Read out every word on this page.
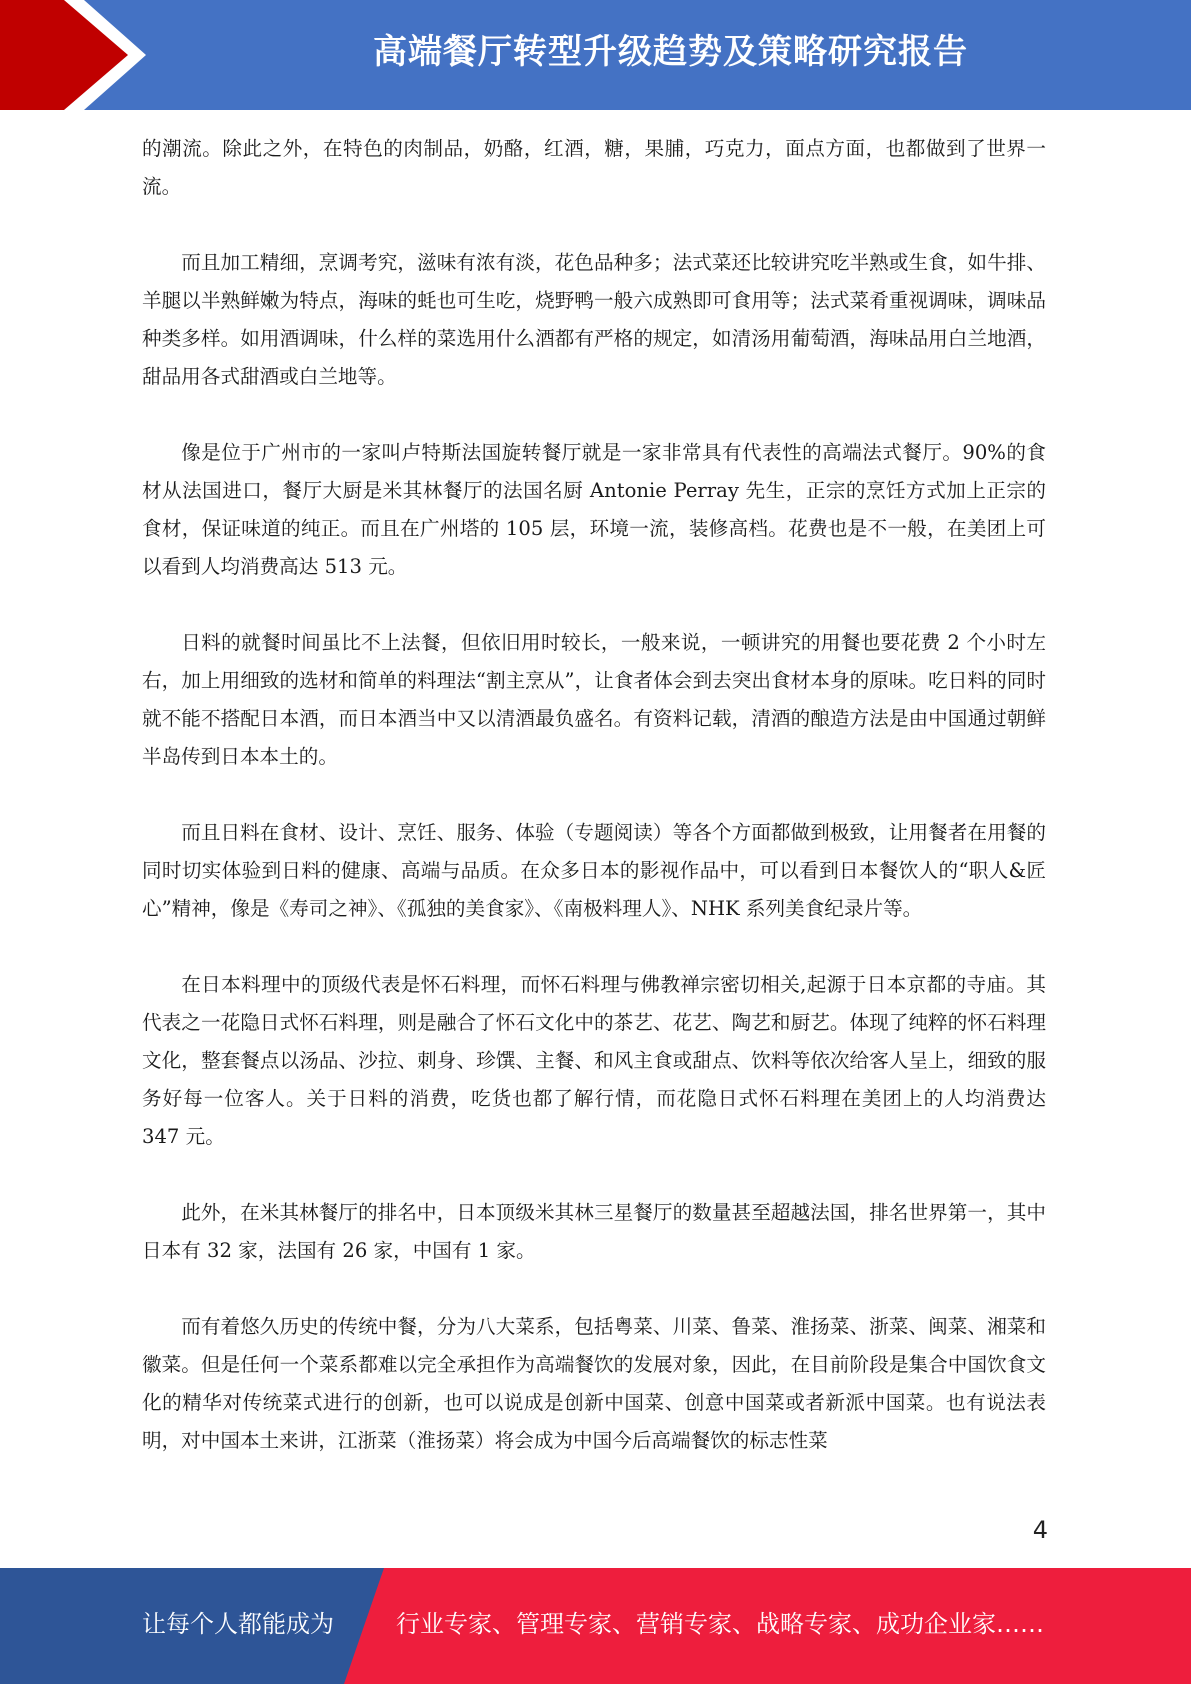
高端餐厅转型升级趋势及策略研究报告

的潮流。除此之外，在特色的肉制品，奶酪，红酒，糖，果脯，巧克力，面点方面，也都做到了世界一流。

而且加工精细，烹调考究，滋味有浓有淡，花色品种多；法式菜还比较讲究吃半熟或生食，如牛排、羊腿以半熟鲜嫩为特点，海味的蚝也可生吃，烧野鸭一般六成熟即可食用等；法式菜肴重视调味，调味品种类多样。如用酒调味，什么样的菜选用什么酒都有严格的规定，如清汤用葡萄酒，海味品用白兰地酒，甜品用各式甜酒或白兰地等。

像是位于广州市的一家叫卢特斯法国旋转餐厅就是一家非常具有代表性的高端法式餐厅。90%的食材从法国进口，餐厅大厨是米其林餐厅的法国名厨 Antonie Perray 先生，正宗的烹饪方式加上正宗的食材，保证味道的纯正。而且在广州塔的 105 层，环境一流，装修高档。花费也是不一般，在美团上可以看到人均消费高达 513 元。

日料的就餐时间虽比不上法餐，但依旧用时较长，一般来说，一顿讲究的用餐也要花费 2 个小时左右，加上用细致的选材和简单的料理法“割主烹从”，让食者体会到去突出食材本身的原味。吃日料的同时就不能不搭配日本酒，而日本酒当中又以清酒最负盛名。有资料记载，清酒的酿造方法是由中国通过朝鲜半岛传到日本本土的。

而且日料在食材、设计、烹饪、服务、体验（专题阅读）等各个方面都做到极致，让用餐者在用餐的同时切实体验到日料的健康、高端与品质。在众多日本的影视作品中，可以看到日本餐饮人的“职人&匠心”精神，像是《寿司之神》、《孤独的美食家》、《南极料理人》、NHK 系列美食纪录片等。

在日本料理中的顶级代表是怀石料理，而怀石料理与佛教禅宗密切相关,起源于日本京都的寺庙。其代表之一花隐日式怀石料理，则是融合了怀石文化中的茶艺、花艺、陶艺和厨艺。体现了纯粹的怀石料理文化，整套餐点以汤品、沙拉、刺身、珍馔、主餐、和风主食或甜点、饮料等依次给客人呈上，细致的服务好每一位客人。关于日料的消费，吃货也都了解行情，而花隐日式怀石料理在美团上的人均消费达 347 元。

此外，在米其林餐厅的排名中，日本顶级米其林三星餐厅的数量甚至超越法国，排名世界第一，其中日本有 32 家，法国有 26 家，中国有 1 家。

而有着悠久历史的传统中餐，分为八大菜系，包括粤菜、川菜、鲁菜、淮扬菜、浙菜、闽菜、湘菜和徽菜。但是任何一个菜系都难以完全承担作为高端餐饮的发展对象，因此，在目前阶段是集合中国饮食文化的精华对传统菜式进行的创新，也可以说成是创新中国菜、创意中国菜或者新派中国菜。也有说法表明，对中国本土来讲，江浙菜（淮扬菜）将会成为中国今后高端餐饮的标志性菜

4
让每个人都能成为	行业专家、管理专家、营销专家、战略专家、成功企业家……
